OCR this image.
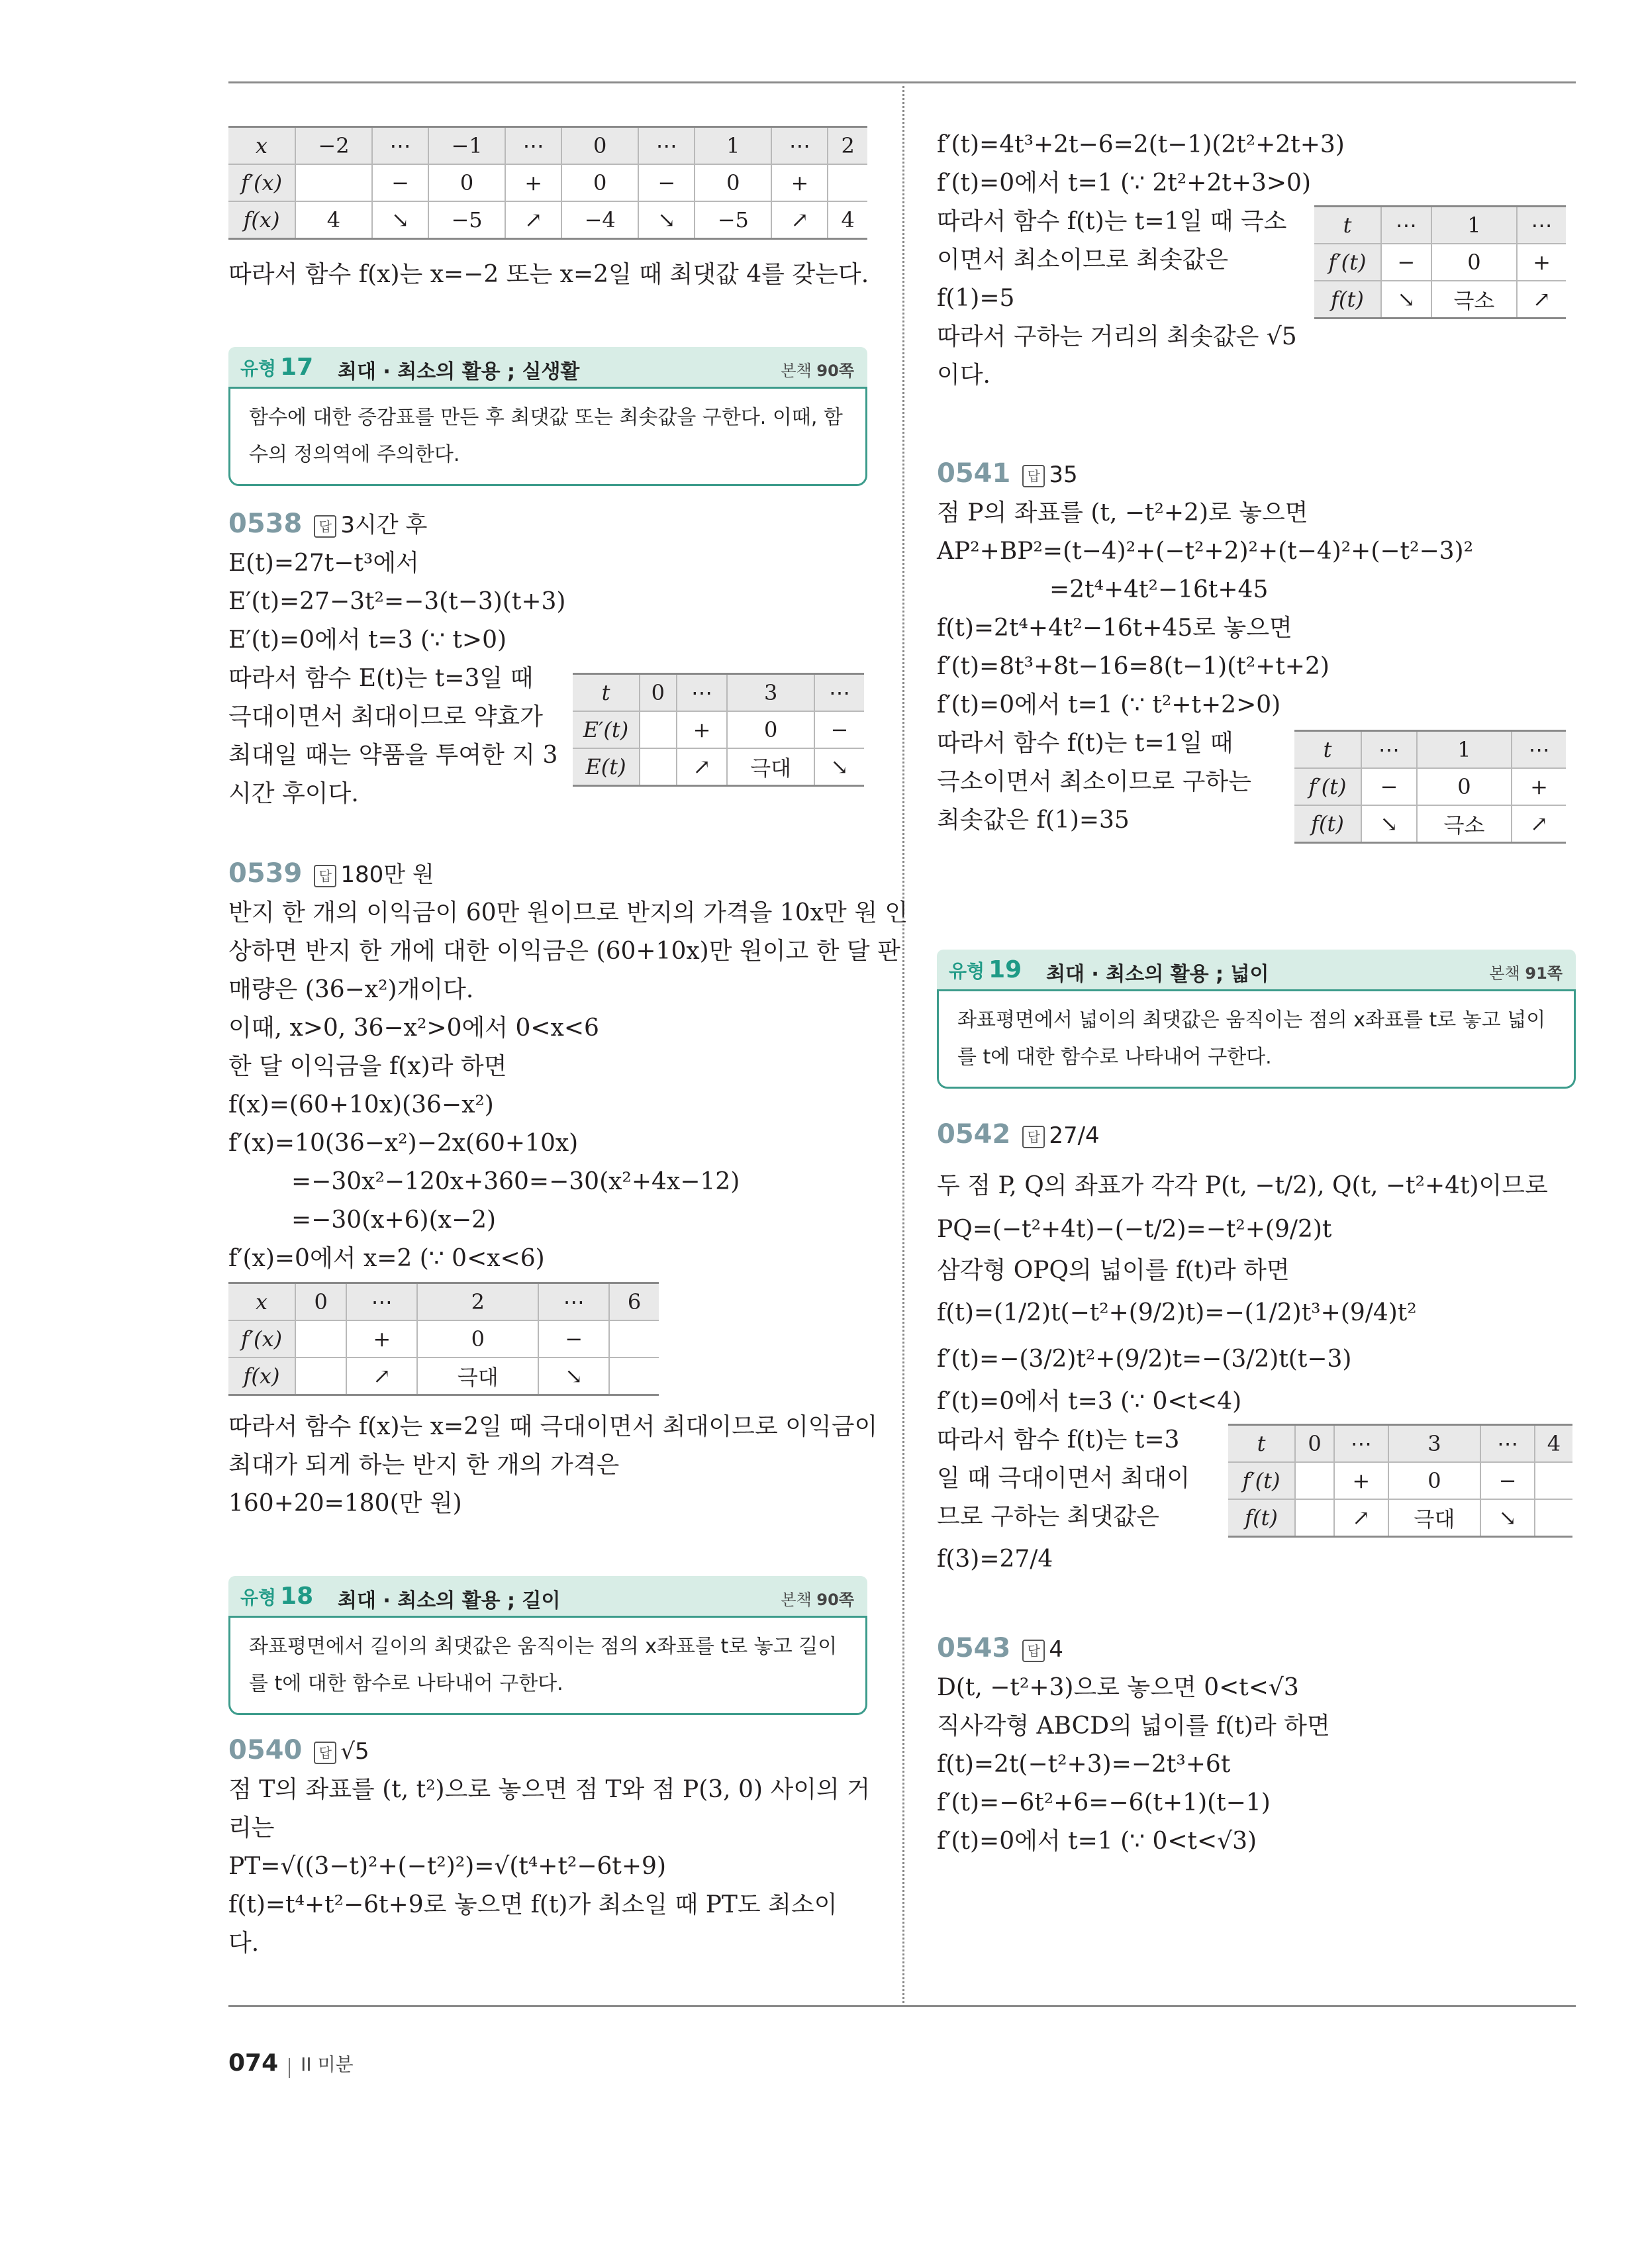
x	−2	⋯	−1	⋯	0	⋯	1	⋯	2
f′(x)		−	0	+	0	−	0	+	
f(x)	4	↘	−5	↗	−4	↘	−5	↗	4
따라서 함수 f(x)는 x=−2 또는 x=2일 때 최댓값 4를 갖는다.
유형 17 최대 · 최소의 활용 ; 실생활	본책 90쪽
함수에 대한 증감표를 만든 후 최댓값 또는 최솟값을 구한다. 이때, 함수의 정의역에 주의한다.
0538 답 3시간 후
E(t)=27t−t³에서
E′(t)=27−3t²=−3(t−3)(t+3)
E′(t)=0에서 t=3 (∵ t>0)
따라서 함수 E(t)는 t=3일 때
극대이면서 최대이므로 약효가
최대일 때는 약품을 투여한 지 3
시간 후이다.
t	0	⋯	3	⋯
E′(t)		+	0	−
E(t)		↗	극대	↘
0539 답 180만 원
반지 한 개의 이익금이 60만 원이므로 반지의 가격을 10x만 원 인
상하면 반지 한 개에 대한 이익금은 (60+10x)만 원이고 한 달 판
매량은 (36−x²)개이다.
이때, x>0, 36−x²>0에서 0<x<6
한 달 이익금을 f(x)라 하면
f(x)=(60+10x)(36−x²)
f′(x)=10(36−x²)−2x(60+10x)
=−30x²−120x+360=−30(x²+4x−12)
=−30(x+6)(x−2)
f′(x)=0에서 x=2 (∵ 0<x<6)
x	0	⋯	2	⋯	6
f′(x)		+	0	−	
f(x)		↗	극대	↘	
따라서 함수 f(x)는 x=2일 때 극대이면서 최대이므로 이익금이
최대가 되게 하는 반지 한 개의 가격은
160+20=180(만 원)
유형 18 최대 · 최소의 활용 ; 길이	본책 90쪽
좌표평면에서 길이의 최댓값은 움직이는 점의 x좌표를 t로 놓고 길이를 t에 대한 함수로 나타내어 구한다.
0540 답 √5
점 T의 좌표를 (t, t²)으로 놓으면 점 T와 점 P(3, 0) 사이의 거
리는
PT=√((3−t)²+(−t²)²)=√(t⁴+t²−6t+9)
f(t)=t⁴+t²−6t+9로 놓으면 f(t)가 최소일 때 PT도 최소이
다.
f′(t)=4t³+2t−6=2(t−1)(2t²+2t+3)
f′(t)=0에서 t=1 (∵ 2t²+2t+3>0)
따라서 함수 f(t)는 t=1일 때 극소
이면서 최소이므로 최솟값은
f(1)=5
따라서 구하는 거리의 최솟값은 √5
이다.
t	⋯	1	⋯
f′(t)	−	0	+
f(t)	↘	극소	↗
0541 답 35
점 P의 좌표를 (t, −t²+2)로 놓으면
AP²+BP²=(t−4)²+(−t²+2)²+(t−4)²+(−t²−3)²
=2t⁴+4t²−16t+45
f(t)=2t⁴+4t²−16t+45로 놓으면
f′(t)=8t³+8t−16=8(t−1)(t²+t+2)
f′(t)=0에서 t=1 (∵ t²+t+2>0)
따라서 함수 f(t)는 t=1일 때
극소이면서 최소이므로 구하는
최솟값은 f(1)=35
t	⋯	1	⋯
f′(t)	−	0	+
f(t)	↘	극소	↗
유형 19 최대 · 최소의 활용 ; 넓이	본책 91쪽
좌표평면에서 넓이의 최댓값은 움직이는 점의 x좌표를 t로 놓고 넓이를 t에 대한 함수로 나타내어 구한다.
0542 답 27/4
두 점 P, Q의 좌표가 각각 P(t, −t/2), Q(t, −t²+4t)이므로
PQ=(−t²+4t)−(−t/2)=−t²+(9/2)t
삼각형 OPQ의 넓이를 f(t)라 하면
f(t)=(1/2)t(−t²+(9/2)t)=−(1/2)t³+(9/4)t²
f′(t)=−(3/2)t²+(9/2)t=−(3/2)t(t−3)
f′(t)=0에서 t=3 (∵ 0<t<4)
따라서 함수 f(t)는 t=3
일 때 극대이면서 최대이
므로 구하는 최댓값은
f(3)=27/4
t	0	⋯	3	⋯	4
f′(t)		+	0	−	
f(t)		↗	극대	↘	
0543 답 4
D(t, −t²+3)으로 놓으면 0<t<√3
직사각형 ABCD의 넓이를 f(t)라 하면
f(t)=2t(−t²+3)=−2t³+6t
f′(t)=−6t²+6=−6(t+1)(t−1)
f′(t)=0에서 t=1 (∵ 0<t<√3)
074 II 미분
